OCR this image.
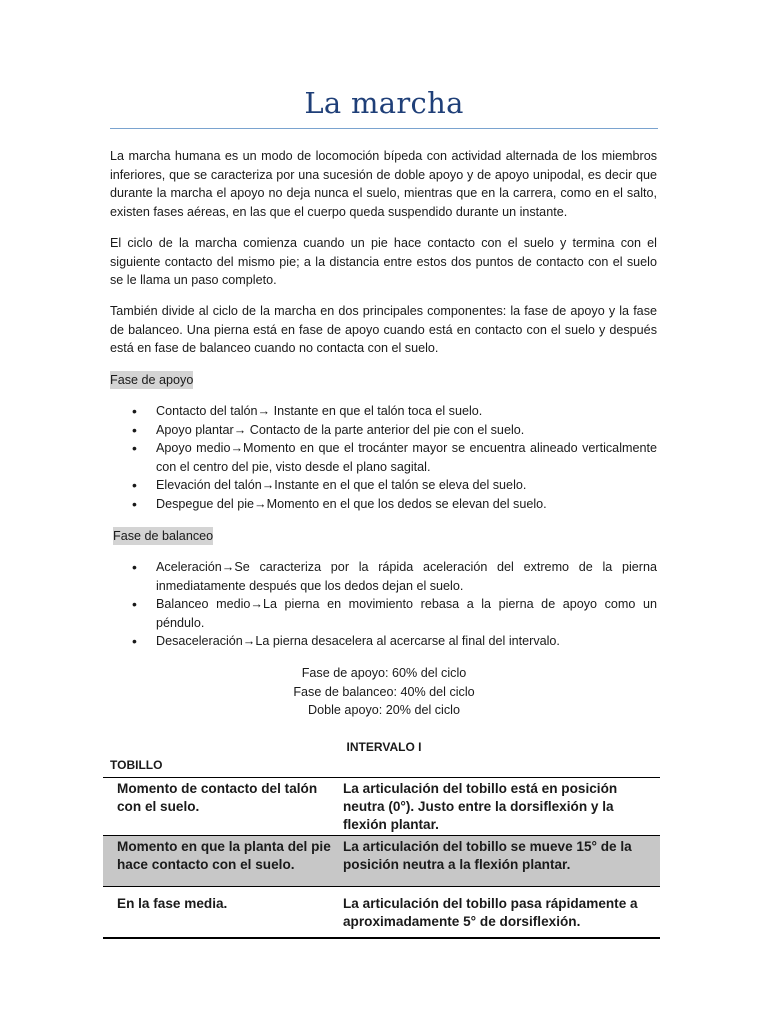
La marcha

La marcha humana es un modo de locomoción bípeda con actividad alternada de los miembros inferiores, que se caracteriza por una sucesión de doble apoyo y de apoyo unipodal, es decir que durante la marcha el apoyo no deja nunca el suelo, mientras que en la carrera, como en el salto, existen fases aéreas, en las que el cuerpo queda suspendido durante un instante.

El ciclo de la marcha comienza cuando un pie hace contacto con el suelo y termina con el siguiente contacto del mismo pie; a la distancia entre estos dos puntos de contacto con el suelo se le llama un paso completo.

También divide al ciclo de la marcha en dos principales componentes: la fase de apoyo y la fase de balanceo. Una pierna está en fase de apoyo cuando está en contacto con el suelo y después está en fase de balanceo cuando no contacta con el suelo.

Fase de apoyo
• Contacto del talón→ Instante en que el talón toca el suelo.
• Apoyo plantar→ Contacto de la parte anterior del pie con el suelo.
• Apoyo medio→Momento en que el trocánter mayor se encuentra alineado verticalmente con el centro del pie, visto desde el plano sagital.
• Elevación del talón→Instante en el que el talón se eleva del suelo.
• Despegue del pie→Momento en el que los dedos se elevan del suelo.
Fase de balanceo
• Aceleración→Se caracteriza por la rápida aceleración del extremo de la pierna inmediatamente después que los dedos dejan el suelo.
• Balanceo medio→La pierna en movimiento rebasa a la pierna de apoyo como un péndulo.
• Desaceleración→La pierna desacelera al acercarse al final del intervalo.
Fase de apoyo: 60% del ciclo
Fase de balanceo: 40% del ciclo
Doble apoyo: 20% del ciclo
INTERVALO I
TOBILLO
Momento de contacto del talón con el suelo.
La articulación del tobillo está en posición neutra (0°). Justo entre la dorsiflexión y la flexión plantar.
Momento en que la planta del pie hace contacto con el suelo.
La articulación del tobillo se mueve 15° de la posición neutra a la flexión plantar.
En la fase media.	La articulación del tobillo pasa rápidamente a aproximadamente 5° de dorsiflexión.
